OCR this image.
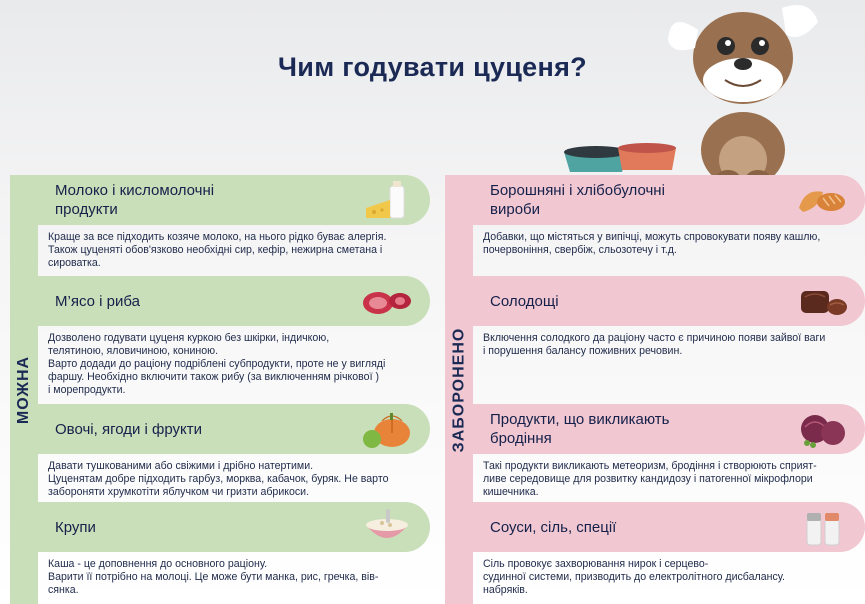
Чим годувати цуценя?
МОЖНА
Молоко і кисломолочні
продукти
Краще за все підходить козяче молоко, на нього рідко буває алергія.
Також цуценяті обов'язково необхідні сир, кефір, нежирна сметана і
сироватка.
М’ясо і риба
Дозволено годувати цуценя куркою без шкірки, індичкою,
телятиною, яловичиною, кониною.
Варто додади до раціону подріблені субпродукти, проте не у вигляді
фаршу. Необхідно включити також рибу (за виключенням річкової )
і морепродукти.
Овочі, ягоди і фрукти
Давати тушкованими або свіжими і дрібно натертими.
Цуценятам добре підходить гарбуз, морква, кабачок, буряк. Не варто
забороняти хрумкотіти яблучком чи гризти абрикоси.
Крупи
Каша - це доповнення до основного раціону.
Варити її потрібно на молоці. Це може бути манка, рис, гречка, вів-
сянка.
ЗАБОРОНЕНО
Борошняні і хлібобулочні
вироби
Добавки, що містяться у випічці, можуть спровокувати появу кашлю,
почервоніння, свербіж, сльозотечу і т.д.
Солодощі
Включення солодкого да раціону часто є причиною появи зайвої ваги
і порушення балансу поживних речовин.
Продукти, що викликають
бродіння
Такі продукти викликають метеоризм, бродіння і створюють сприят-
ливе середовище для розвитку кандидозу і патогенної мікрофлори
кишечника.
Соуси, сіль, спеції
Сіль провокує захворювання нирок і серцево-
судинної системи, призводить до електролітного дисбалансу.
набряків.
